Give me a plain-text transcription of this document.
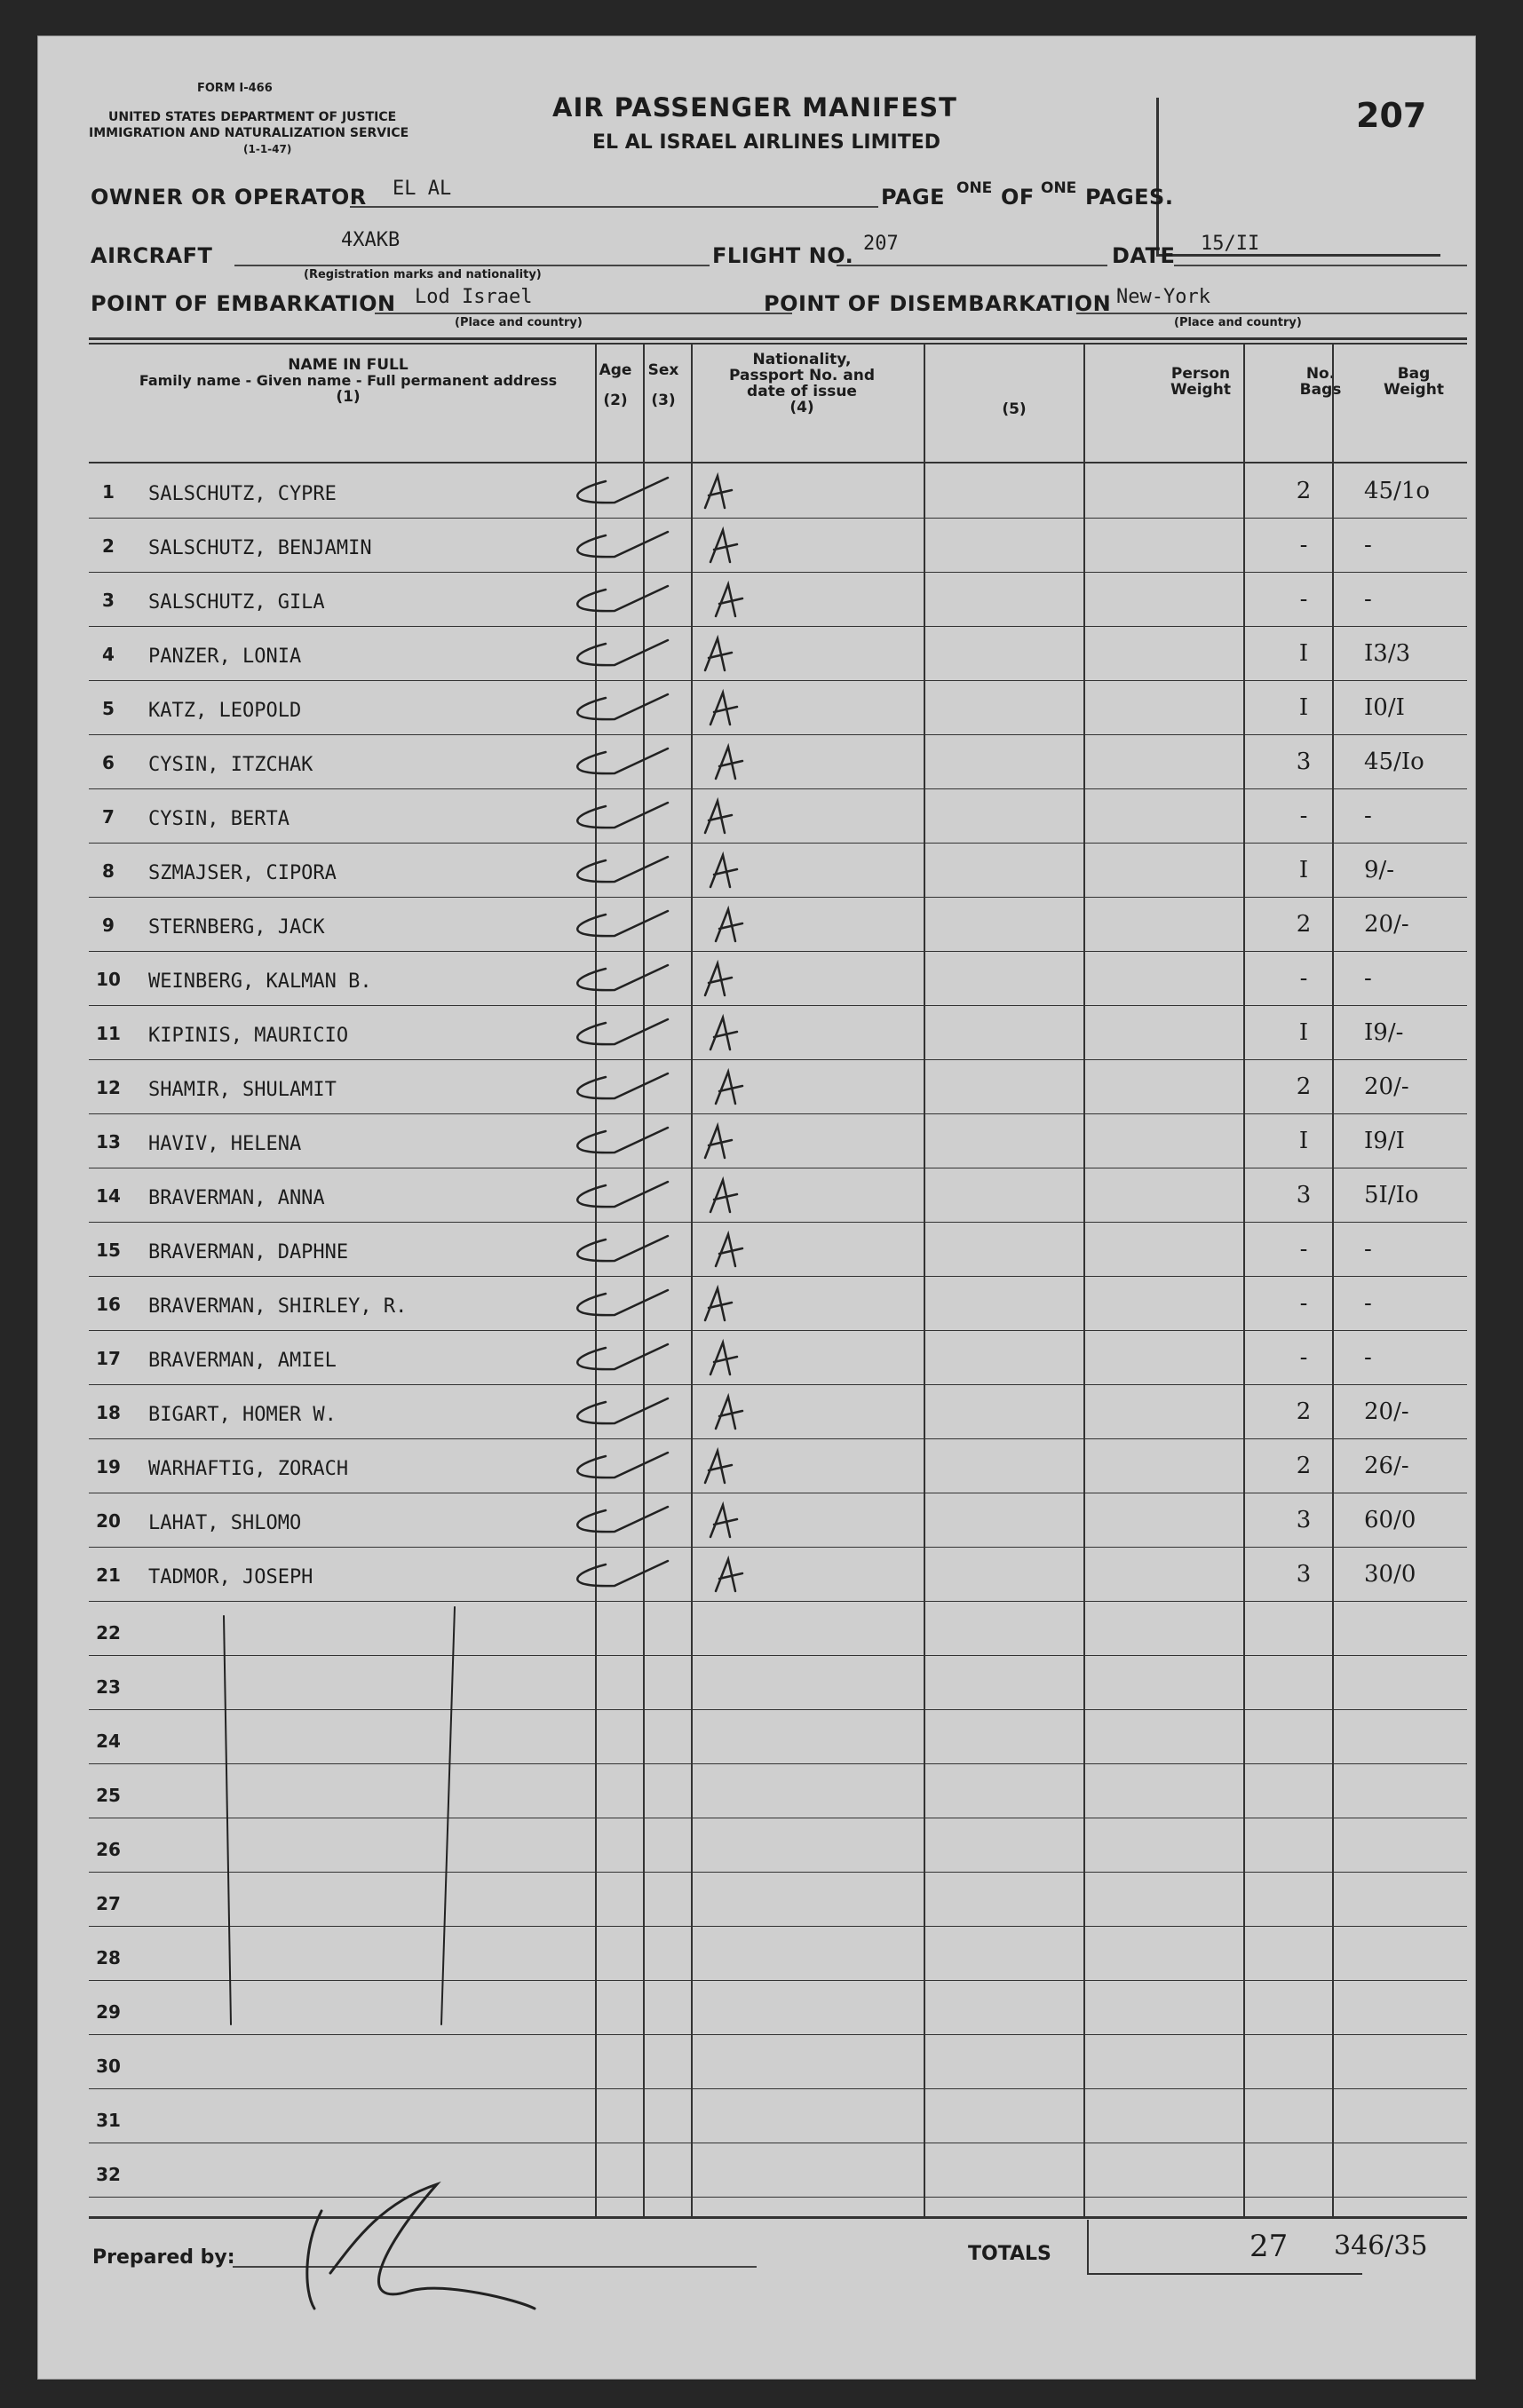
FORM I-466
UNITED STATES DEPARTMENT OF JUSTICE
IMMIGRATION AND NATURALIZATION SERVICE
(1-1-47)
AIR PASSENGER MANIFEST
EL AL ISRAEL AIRLINES LIMITED
207
OWNER OR OPERATOR EL AL	PAGE ONE OF ONE PAGES.
AIRCRAFT
4XAKB
(Registration marks and nationality)
FLIGHT NO. 207	DATE 15/II
POINT OF EMBARKATION Lod Israel
(Place and country)
POINT OF DISEMBARKATION New-York
(Place and country)
NAME IN FULL
Family name - Given name - Full permanent address
(1)
Age
(2)
Sex
(3)
Nationality,
Passport No. and
date of issue
(4)	(5)
Person
Weight
No.
Bags
Bag
Weight
1	SALSCHUTZ, CYPRE	2	45/1o
2	SALSCHUTZ, BENJAMIN	-	-
3	SALSCHUTZ, GILA	-	-
4	PANZER, LONIA	I	I3/3
5	KATZ, LEOPOLD	I	I0/I
6	CYSIN, ITZCHAK	3	45/Io
7	CYSIN, BERTA	-	-
8	SZMAJSER, CIPORA	I	9/-
9	STERNBERG, JACK	2	20/-
10 WEINBERG, KALMAN B.	-	-
11 KIPINIS, MAURICIO	I	I9/-
12 SHAMIR, SHULAMIT	2	20/-
13 HAVIV, HELENA	I	I9/I
14 BRAVERMAN, ANNA	3	5I/Io
15 BRAVERMAN, DAPHNE	-	-
16 BRAVERMAN, SHIRLEY, R.	-	-
17 BRAVERMAN, AMIEL	-	-
18 BIGART, HOMER W.	2	20/-
19 WARHAFTIG, ZORACH	2	26/-
20 LAHAT, SHLOMO	3	60/0
21 TADMOR, JOSEPH	3	30/0
22
23
24
25
26
27
28
29
30
31
32
Prepared by:	TOTALS	27 346/35
